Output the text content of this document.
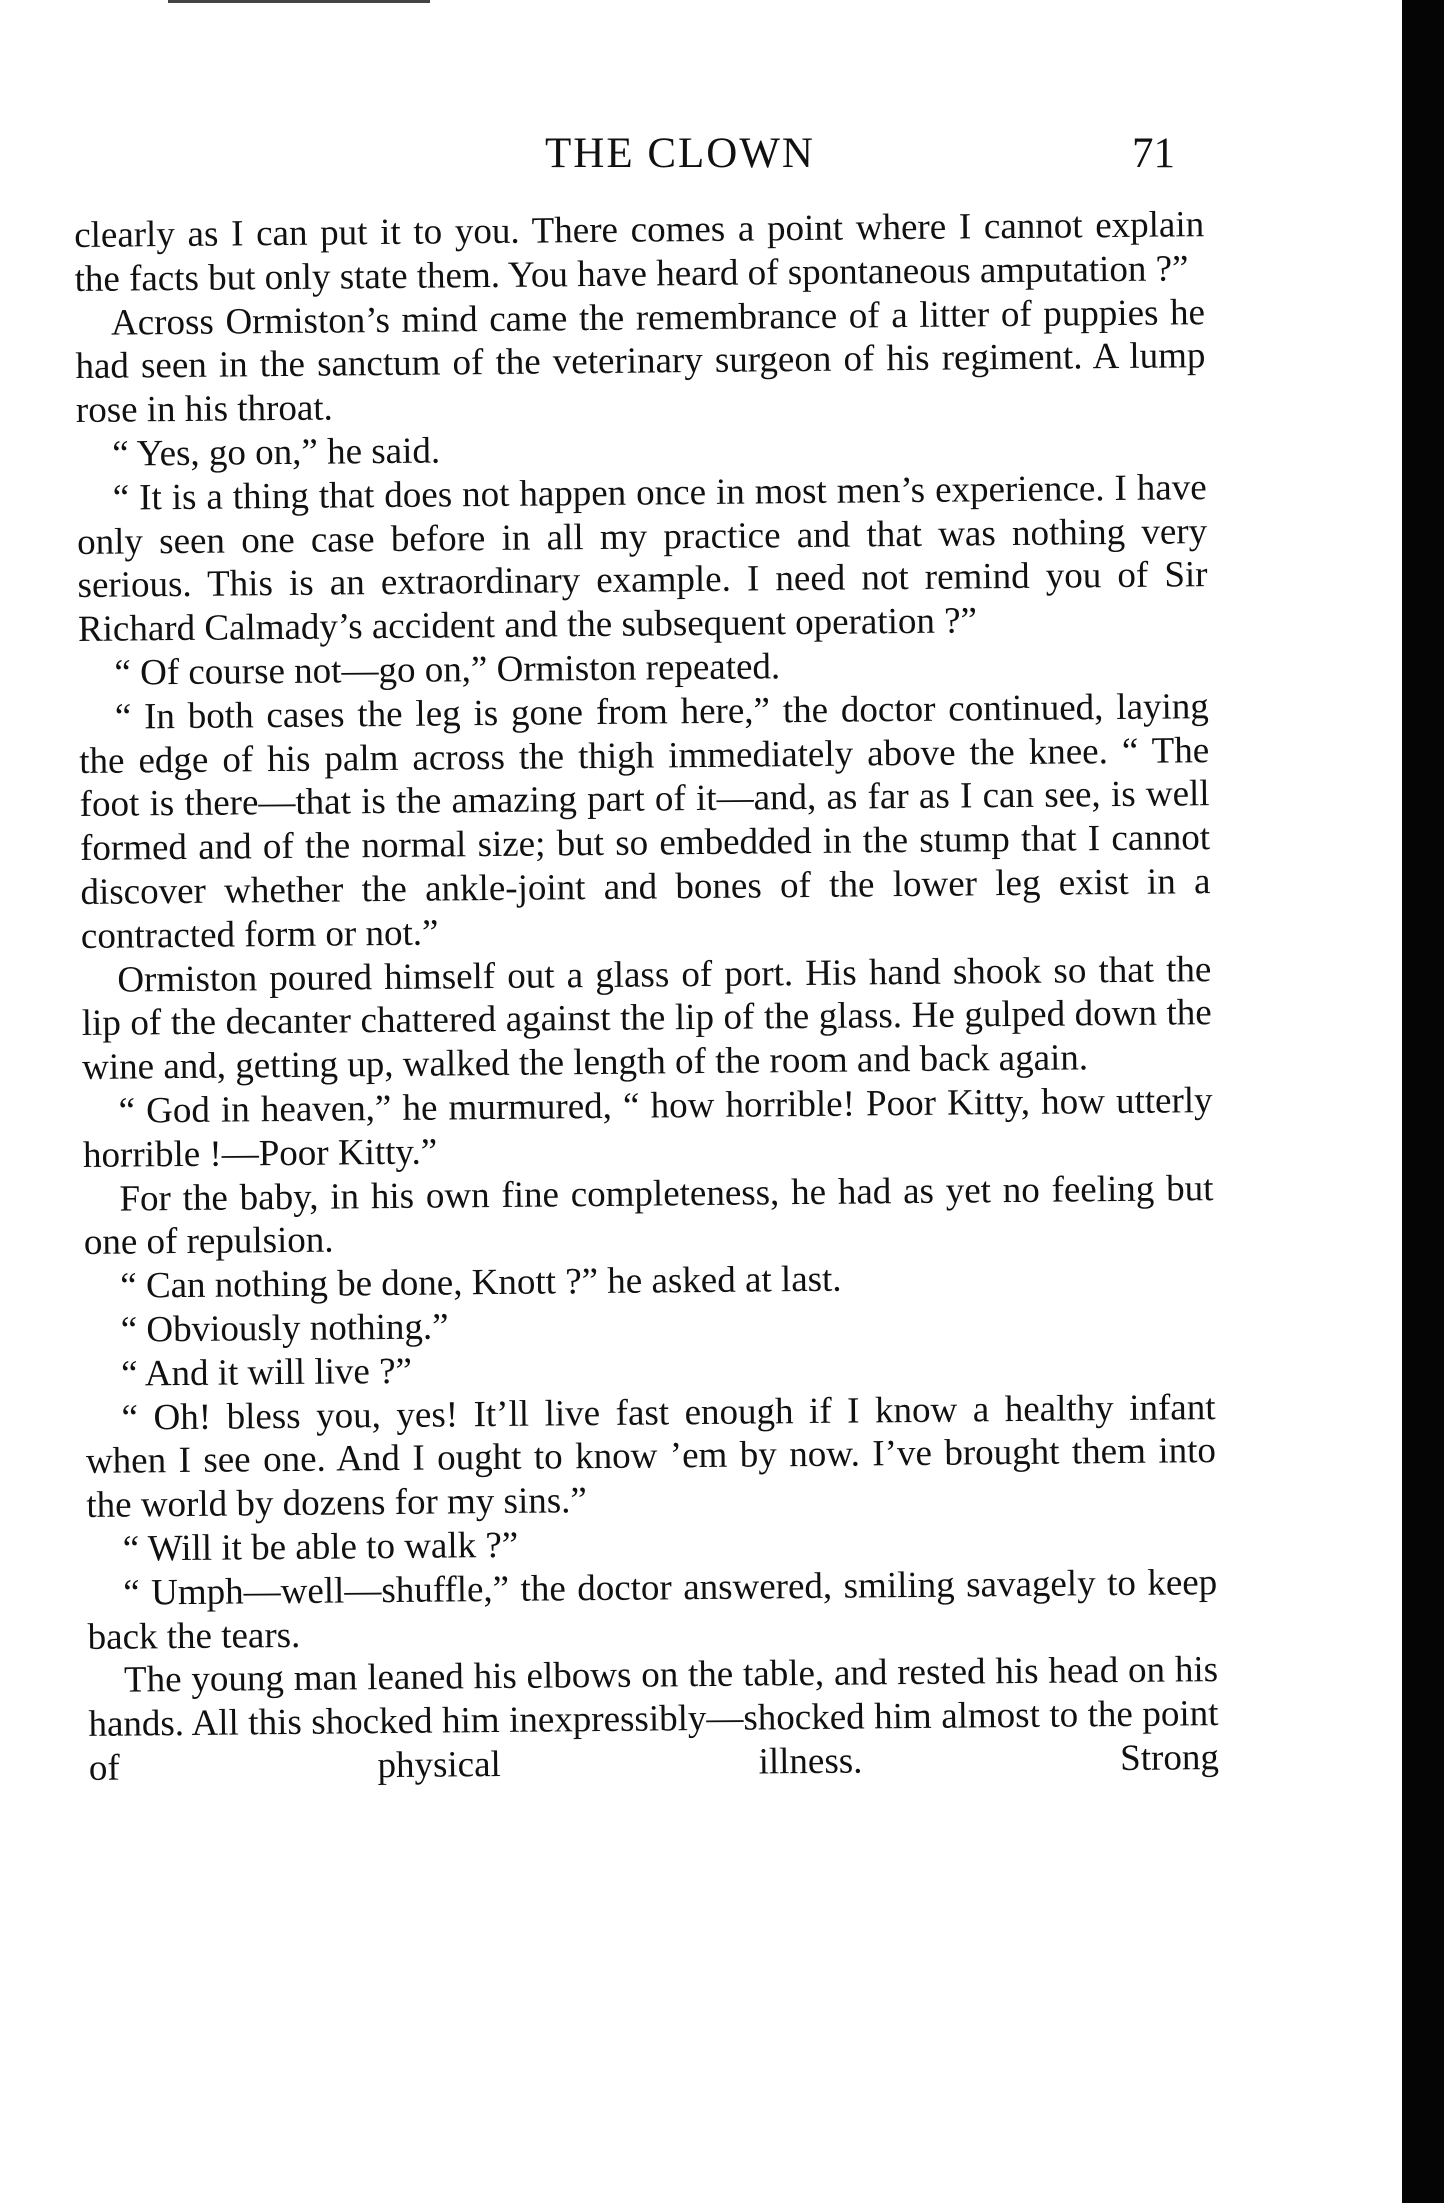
THE CLOWN	71

clearly as I can put it to you. There comes a point where I cannot explain the facts but only state them. You have heard of spontaneous amputation ?”

Across Ormiston’s mind came the remembrance of a litter of puppies he had seen in the sanctum of the veterinary surgeon of his regiment. A lump rose in his throat.

“ Yes, go on,” he said.

“ It is a thing that does not happen once in most men’s experience. I have only seen one case before in all my practice and that was nothing very serious. This is an extraordinary example. I need not remind you of Sir Richard Calmady’s accident and the subsequent operation ?”

“ Of course not—go on,” Ormiston repeated.

“ In both cases the leg is gone from here,” the doctor continued, laying the edge of his palm across the thigh immediately above the knee. “ The foot is there—that is the amazing part of it—and, as far as I can see, is well formed and of the normal size; but so embedded in the stump that I cannot discover whether the ankle-joint and bones of the lower leg exist in a contracted form or not.”

Ormiston poured himself out a glass of port. His hand shook so that the lip of the decanter chattered against the lip of the glass. He gulped down the wine and, getting up, walked the length of the room and back again.

“ God in heaven,” he murmured, “ how horrible! Poor Kitty, how utterly horrible !—Poor Kitty.”

For the baby, in his own fine completeness, he had as yet no feeling but one of repulsion.

“ Can nothing be done, Knott ?” he asked at last.

“ Obviously nothing.”

“ And it will live ?”

“ Oh! bless you, yes! It’ll live fast enough if I know a healthy infant when I see one. And I ought to know ’em by now. I’ve brought them into the world by dozens for my sins.”

“ Will it be able to walk ?”

“ Umph—well—shuffle,” the doctor answered, smiling savagely to keep back the tears.

The young man leaned his elbows on the table, and rested his head on his hands. All this shocked him inexpressibly—shocked him almost to the point of physical illness. Strong
